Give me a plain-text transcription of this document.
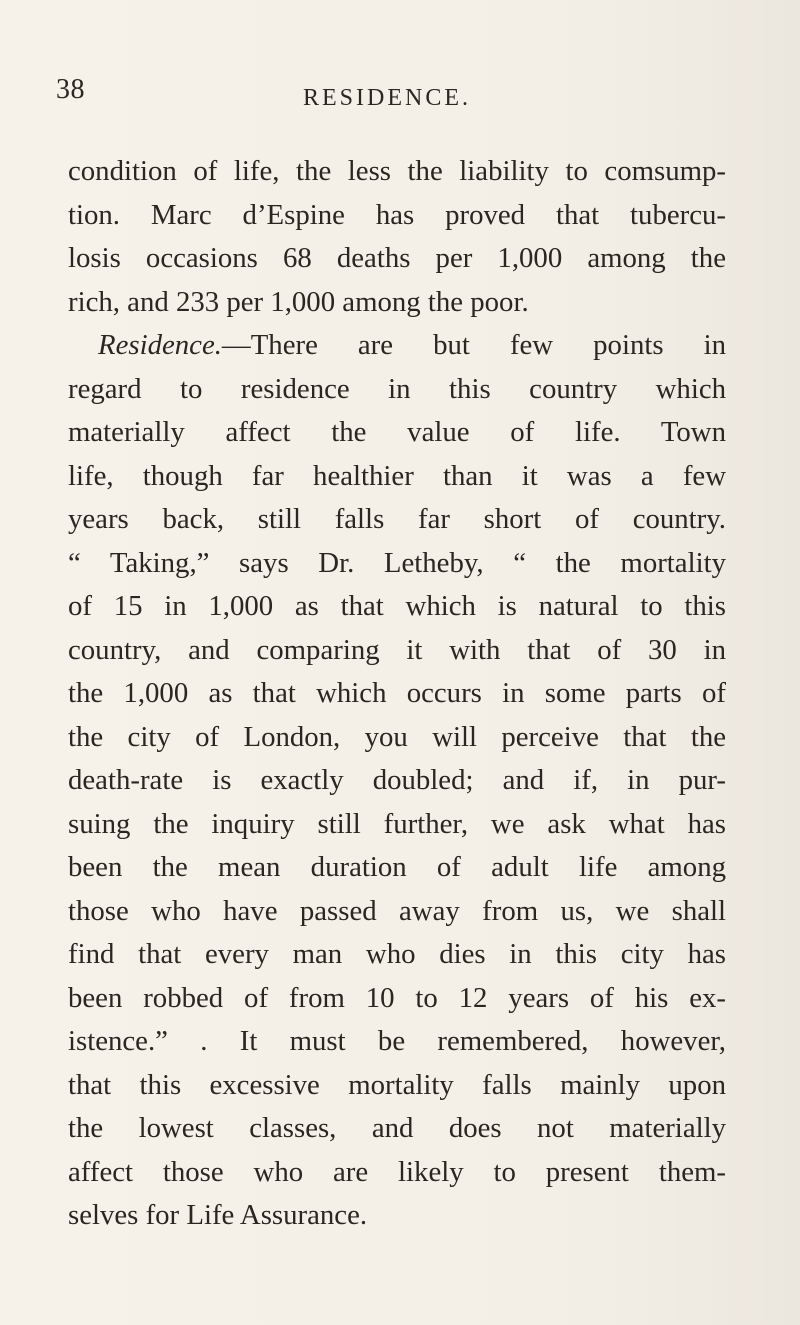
38	RESIDENCE.
condition of life, the less the liability to comsump-
tion. Marc d’Espine has proved that tubercu-
losis occasions 68 deaths per 1,000 among the
rich, and 233 per 1,000 among the poor.
Residence.—There are but few points in
regard to residence in this country which
materially affect the value of life. Town
life, though far healthier than it was a few
years back, still falls far short of country.
“ Taking,” says Dr. Letheby, “ the mortality
of 15 in 1,000 as that which is natural to this
country, and comparing it with that of 30 in
the 1,000 as that which occurs in some parts of
the city of London, you will perceive that the
death-rate is exactly doubled; and if, in pur-
suing the inquiry still further, we ask what has
been the mean duration of adult life among
those who have passed away from us, we shall
find that every man who dies in this city has
been robbed of from 10 to 12 years of his ex-
istence.” . It must be remembered, however,
that this excessive mortality falls mainly upon
the lowest classes, and does not materially
affect those who are likely to present them-
selves for Life Assurance.
